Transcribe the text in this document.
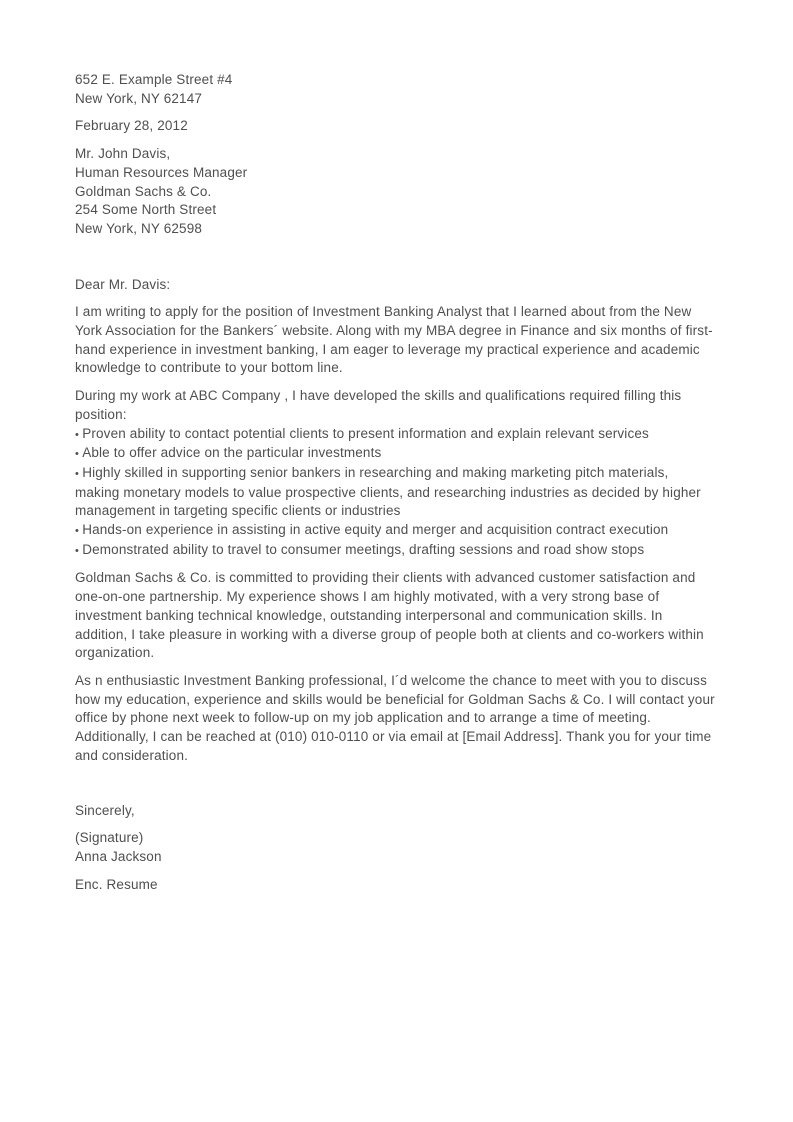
652 E. Example Street #4
New York, NY 62147
February 28, 2012
Mr. John Davis,
Human Resources Manager
Goldman Sachs & Co.
254 Some North Street
New York, NY 62598
Dear Mr. Davis:
I am writing to apply for the position of Investment Banking Analyst that I learned about from the New York Association for the Bankers´ website. Along with my MBA degree in Finance and six months of first-hand experience in investment banking, I am eager to leverage my practical experience and academic knowledge to contribute to your bottom line.
During my work at ABC Company , I have developed the skills and qualifications required filling this position:
• Proven ability to contact potential clients to present information and explain relevant services
• Able to offer advice on the particular investments
• Highly skilled in supporting senior bankers in researching and making marketing pitch materials, making monetary models to value prospective clients, and researching industries as decided by higher management in targeting specific clients or industries
• Hands-on experience in assisting in active equity and merger and acquisition contract execution
• Demonstrated ability to travel to consumer meetings, drafting sessions and road show stops
Goldman Sachs & Co. is committed to providing their clients with advanced customer satisfaction and one-on-one partnership. My experience shows I am highly motivated, with a very strong base of investment banking technical knowledge, outstanding interpersonal and communication skills. In addition, I take pleasure in working with a diverse group of people both at clients and co-workers within organization.
As n enthusiastic Investment Banking professional, I´d welcome the chance to meet with you to discuss how my education, experience and skills would be beneficial for Goldman Sachs & Co. I will contact your office by phone next week to follow-up on my job application and to arrange a time of meeting. Additionally, I can be reached at (010) 010-0110 or via email at [Email Address]. Thank you for your time and consideration.
Sincerely,
(Signature)
Anna Jackson
Enc. Resume
